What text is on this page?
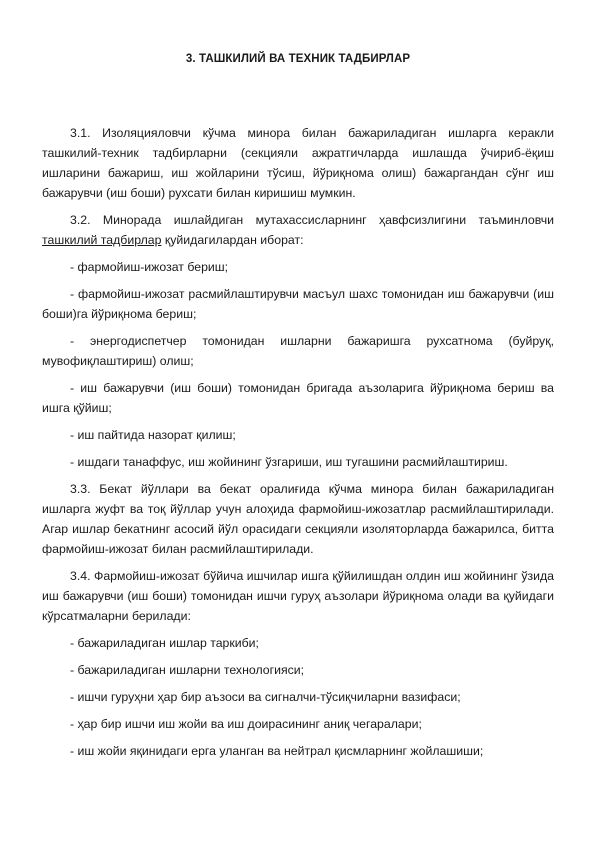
3. ТАШКИЛИЙ ВА ТЕХНИК ТАДБИРЛАР

3.1. Изоляцияловчи кўчма минора билан бажариладиган ишларга керакли ташкилий-техник тадбирларни (секцияли ажратгичларда ишлашда ўчириб-ёқиш ишларини бажариш, иш жойларини тўсиш, йўриқнома олиш) бажаргандан сўнг иш бажарувчи (иш боши) рухсати билан киришиш мумкин.

3.2. Минорада ишлайдиган мутахассисларнинг ҳавфсизлигини таъминловчи ташкилий тадбирлар қуйидагилардан иборат:

- фармойиш-ижозат бериш;

- фармойиш-ижозат расмийлаштирувчи масъул шахс томонидан иш бажарувчи (иш боши)га йўриқнома бериш;

- энергодиспетчер томонидан ишларни бажаришга рухсатнома (буйруқ, мувофиқлаштириш) олиш;

- иш бажарувчи (иш боши) томонидан бригада аъзоларига йўриқнома бериш ва ишга қўйиш;

- иш пайтида назорат қилиш;

- ишдаги танаффус, иш жойининг ўзгариши, иш тугашини расмийлаштириш.

3.3. Бекат йўллари ва бекат оралиғида кўчма минора билан бажариладиган ишларга жуфт ва тоқ йўллар учун алоҳида фармойиш-ижозатлар расмийлаштирилади. Агар ишлар бекатнинг асосий йўл орасидаги секцияли изоляторларда бажарилса, битта фармойиш-ижозат билан расмийлаштирилади.

3.4. Фармойиш-ижозат бўйича ишчилар ишга қўйилишдан олдин иш жойининг ўзида иш бажарувчи (иш боши) томонидан ишчи гуруҳ аъзолари йўриқнома олади ва қуйидаги кўрсатмаларни берилади:

- бажариладиган ишлар таркиби;

- бажариладиган ишларни технологияси;

- ишчи гуруҳни ҳар бир аъзоси ва сигналчи-тўсиқчиларни вазифаси;

- ҳар бир ишчи иш жойи ва иш доирасининг аниқ чегаралари;

- иш жойи яқинидаги ерга уланган ва нейтрал қисмларнинг жойлашиши;
